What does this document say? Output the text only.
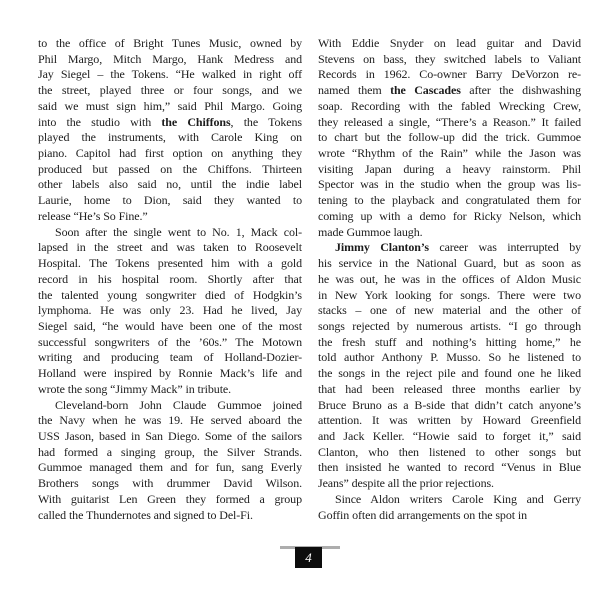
to the office of Bright Tunes Music, owned by
Phil Margo, Mitch Margo, Hank Medress and
Jay Siegel – the Tokens. “He walked in right off
the street, played three or four songs, and we
said we must sign him,” said Phil Margo. Going
into the studio with the Chiffons, the Tokens
played the instruments, with Carole King on
piano. Capitol had first option on anything they
produced but passed on the Chiffons. Thirteen
other labels also said no, until the indie label
Laurie, home to Dion, said they wanted to
release “He’s So Fine.”
Soon after the single went to No. 1, Mack col-
lapsed in the street and was taken to Roosevelt
Hospital. The Tokens presented him with a gold
record in his hospital room. Shortly after that
the talented young songwriter died of Hodgkin’s
lymphoma. He was only 23. Had he lived, Jay
Siegel said, “he would have been one of the most
successful songwriters of the ’60s.” The Motown
writing and producing team of Holland-Dozier-
Holland were inspired by Ronnie Mack’s life and
wrote the song “Jimmy Mack” in tribute.
Cleveland-born John Claude Gummoe joined
the Navy when he was 19. He served aboard the
USS Jason, based in San Diego. Some of the sailors
had formed a singing group, the Silver Strands.
Gummoe managed them and for fun, sang Everly
Brothers songs with drummer David Wilson.
With guitarist Len Green they formed a group
called the Thundernotes and signed to Del-Fi.
With Eddie Snyder on lead guitar and David
Stevens on bass, they switched labels to Valiant
Records in 1962. Co-owner Barry DeVorzon re-
named them the Cascades after the dishwashing
soap. Recording with the fabled Wrecking Crew,
they released a single, “There’s a Reason.” It failed
to chart but the follow-up did the trick. Gummoe
wrote “Rhythm of the Rain” while the Jason was
visiting Japan during a heavy rainstorm. Phil
Spector was in the studio when the group was lis-
tening to the playback and congratulated them for
coming up with a demo for Ricky Nelson, which
made Gummoe laugh.
Jimmy Clanton’s career was interrupted by
his service in the National Guard, but as soon as
he was out, he was in the offices of Aldon Music
in New York looking for songs. There were two
stacks – one of new material and the other of
songs rejected by numerous artists. “I go through
the fresh stuff and nothing’s hitting home,” he
told author Anthony P. Musso. So he listened to
the songs in the reject pile and found one he liked
that had been released three months earlier by
Bruce Bruno as a B-side that didn’t catch anyone’s
attention. It was written by Howard Greenfield
and Jack Keller. “Howie said to forget it,” said
Clanton, who then listened to other songs but
then insisted he wanted to record “Venus in Blue
Jeans” despite all the prior rejections.
Since Aldon writers Carole King and Gerry
Goffin often did arrangements on the spot in
4
